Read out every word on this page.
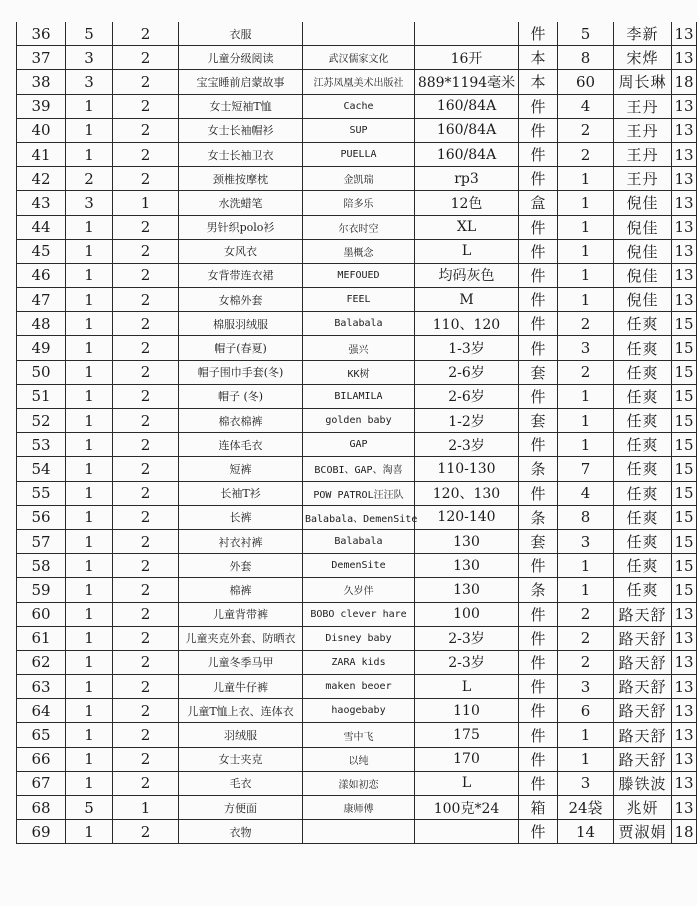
36	5	2	衣服			件	5	李新	13
37	3	2	儿童分级阅读	武汉儒家文化	16开	本	8	宋烨	13
38	3	2	宝宝睡前启蒙故事	江苏凤凰美术出版社	889*1194毫米	本	60	周长琳	18
39	1	2	女士短袖T恤	Cache	160/84A	件	4	王丹	13
40	1	2	女士长袖帽衫	SUP	160/84A	件	2	王丹	13
41	1	2	女士长袖卫衣	PUELLA	160/84A	件	2	王丹	13
42	2	2	颈椎按摩枕	金凯瑞	rp3	件	1	王丹	13
43	3	1	水洗蜡笔	陪多乐	12色	盒	1	倪佳	13
44	1	2	男针织polo衫	尔衣时空	XL	件	1	倪佳	13
45	1	2	女风衣	墨概念	L	件	1	倪佳	13
46	1	2	女背带连衣裙	MEFOUED	均码灰色	件	1	倪佳	13
47	1	2	女棉外套	FEEL	M	件	1	倪佳	13
48	1	2	棉服羽绒服	Balabala	110、120	件	2	任爽	15
49	1	2	帽子(春夏)	强兴	1-3岁	件	3	任爽	15
50	1	2	帽子围巾手套(冬)	KK树	2-6岁	套	2	任爽	15
51	1	2	帽子 (冬)	BILAMILA	2-6岁	件	1	任爽	15
52	1	2	棉衣棉裤	golden baby	1-2岁	套	1	任爽	15
53	1	2	连体毛衣	GAP	2-3岁	件	1	任爽	15
54	1	2	短裤	BCOBI、GAP、淘喜	110-130	条	7	任爽	15
55	1	2	长袖T衫	POW PATROL汪汪队	120、130	件	4	任爽	15
56	1	2	长裤	Balabala、DemenSite	120-140	条	8	任爽	15
57	1	2	衬衣衬裤	Balabala	130	套	3	任爽	15
58	1	2	外套	DemenSite	130	件	1	任爽	15
59	1	2	棉裤	久岁伴	130	条	1	任爽	15
60	1	2	儿童背带裤	BOBO clever hare	100	件	2	路天舒	13
61	1	2	儿童夹克外套、防晒衣	Disney baby	2-3岁	件	2	路天舒	13
62	1	2	儿童冬季马甲	ZARA kids	2-3岁	件	2	路天舒	13
63	1	2	儿童牛仔裤	maken beoer	L	件	3	路天舒	13
64	1	2	儿童T恤上衣、连体衣	haogebaby	110	件	6	路天舒	13
65	1	2	羽绒服	雪中飞	175	件	1	路天舒	13
66	1	2	女士夹克	以纯	170	件	1	路天舒	13
67	1	2	毛衣	漾如初恋	L	件	3	滕铁波	13
68	5	1	方便面	康师傅	100克*24	箱	24袋	兆妍	13
69	1	2	衣物			件	14	贾淑娟	18
